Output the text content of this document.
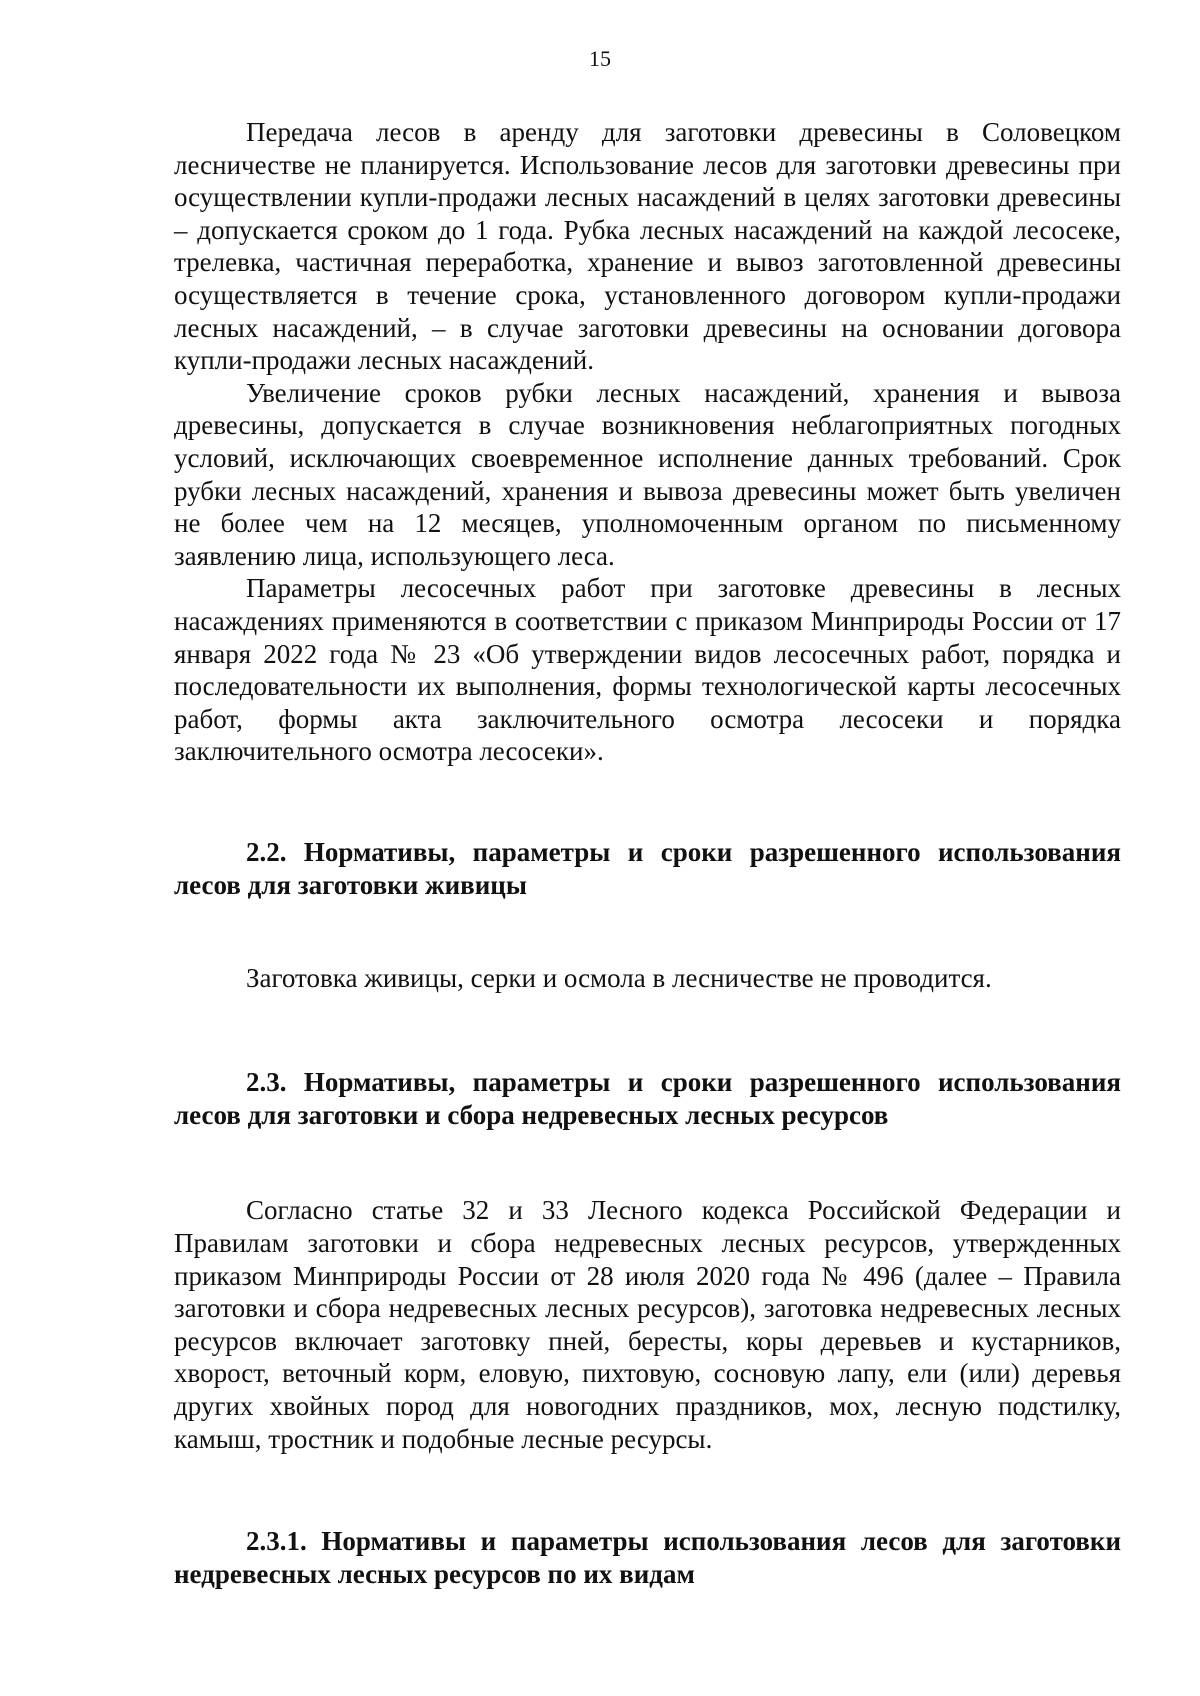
15

Передача лесов в аренду для заготовки древесины в Соловецком лесничестве не планируется. Использование лесов для заготовки древесины при осуществлении купли-продажи лесных насаждений в целях заготовки древесины – допускается сроком до 1 года. Рубка лесных насаждений на каждой лесосеке, трелевка, частичная переработка, хранение и вывоз заготовленной древесины осуществляется в течение срока, установленного договором купли-продажи лесных насаждений, – в случае заготовки древесины на основании договора купли-продажи лесных насаждений.

Увеличение сроков рубки лесных насаждений, хранения и вывоза древесины, допускается в случае возникновения неблагоприятных погодных условий, исключающих своевременное исполнение данных требований. Срок рубки лесных насаждений, хранения и вывоза древесины может быть увеличен не более чем на 12 месяцев, уполномоченным органом по письменному заявлению лица, использующего леса.

Параметры лесосечных работ при заготовке древесины в лесных насаждениях применяются в соответствии с приказом Минприроды России от 17 января 2022 года № 23 «Об утверждении видов лесосечных работ, порядка и последовательности их выполнения, формы технологической карты лесосечных работ, формы акта заключительного осмотра лесосеки и порядка заключительного осмотра лесосеки».

2.2. Нормативы, параметры и сроки разрешенного использования лесов для заготовки живицы

Заготовка живицы, серки и осмола в лесничестве не проводится.

2.3. Нормативы, параметры и сроки разрешенного использования лесов для заготовки и сбора недревесных лесных ресурсов

Согласно статье 32 и 33 Лесного кодекса Российской Федерации и Правилам заготовки и сбора недревесных лесных ресурсов, утвержденных приказом Минприроды России от 28 июля 2020 года № 496 (далее – Правила заготовки и сбора недревесных лесных ресурсов), заготовка недревесных лесных ресурсов включает заготовку пней, бересты, коры деревьев и кустарников, хворост, веточный корм, еловую, пихтовую, сосновую лапу, ели (или) деревья других хвойных пород для новогодних праздников, мох, лесную подстилку, камыш, тростник и подобные лесные ресурсы.

2.3.1. Нормативы и параметры использования лесов для заготовки недревесных лесных ресурсов по их видам
